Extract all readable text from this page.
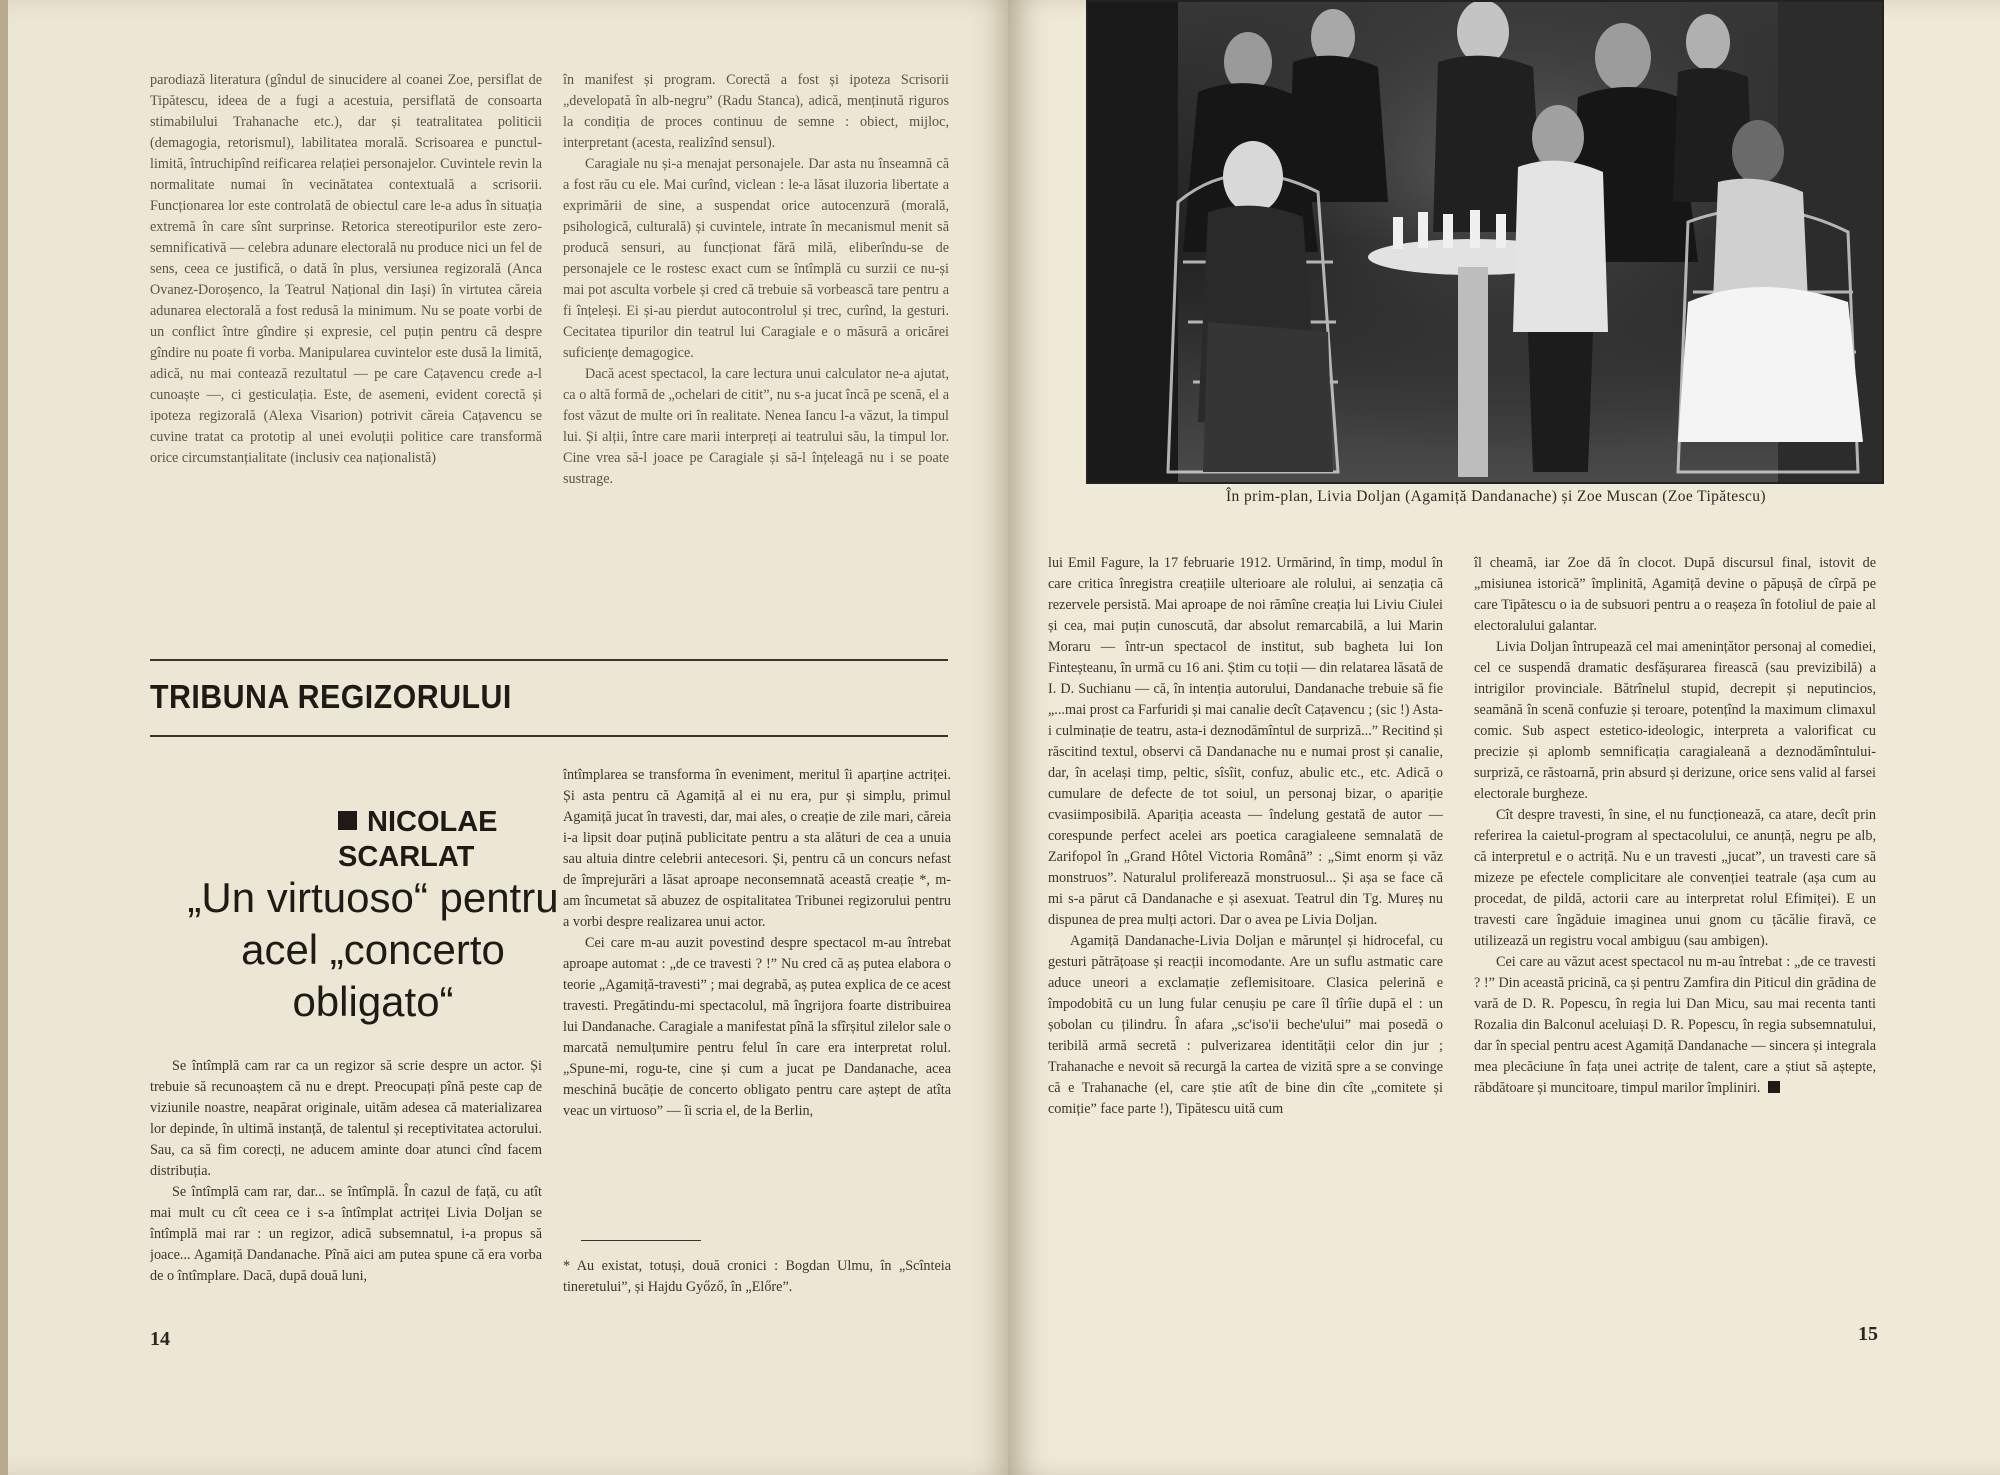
parodiază literatura (gîndul de sinucidere al coanei Zoe, persiflat de Tipătescu, ideea de a fugi a acestuia, persiflată de consoarta stimabilului Trahanache etc.), dar și teatralitatea politicii (demagogia, retorismul), labilitatea morală. Scrisoarea e punctul-limită, întruchipînd reificarea relației personajelor. Cuvintele revin la normalitate numai în vecinătatea contextuală a scrisorii. Funcționarea lor este controlată de obiectul care le-a adus în situația extremă în care sînt surprinse. Retorica stereotipurilor este zero-semnificativă — celebra adunare electorală nu produce nici un fel de sens, ceea ce justifică, o dată în plus, versiunea regizorală (Anca Ovanez-Doroșenco, la Teatrul Național din Iași) în virtutea căreia adunarea electorală a fost redusă la minimum. Nu se poate vorbi de un conflict între gîndire și expresie, cel puțin pentru că despre gîndire nu poate fi vorba. Manipularea cuvintelor este dusă la limită, adică, nu mai contează rezultatul — pe care Cațavencu crede a-l cunoaște —, ci gesticulația. Este, de asemeni, evident corectă și ipoteza regizorală (Alexa Visarion) potrivit căreia Cațavencu se cuvine tratat ca prototip al unei evoluții politice care transformă orice circumstanțialitate (inclusiv cea naționalistă)

în manifest și program. Corectă a fost și ipoteza Scrisorii „developată în alb-negru” (Radu Stanca), adică, menținută riguros la condiția de proces continuu de semne : obiect, mijloc, interpretant (acesta, realizînd sensul).

Caragiale nu și-a menajat personajele. Dar asta nu înseamnă că a fost rău cu ele. Mai curînd, viclean : le-a lăsat iluzoria libertate a exprimării de sine, a suspendat orice autocenzură (morală, psihologică, culturală) și cuvintele, intrate în mecanismul menit să producă sensuri, au funcționat fără milă, eliberîndu-se de personajele ce le rostesc exact cum se întîmplă cu surzii ce nu-și mai pot asculta vorbele și cred că trebuie să vorbească tare pentru a fi înțeleși. Ei și-au pierdut autocontrolul și trec, curînd, la gesturi. Cecitatea tipurilor din teatrul lui Caragiale e o măsură a oricărei suficiențe demagogice.

Dacă acest spectacol, la care lectura unui calculator ne-a ajutat, ca o altă formă de „ochelari de citit”, nu s-a jucat încă pe scenă, el a fost văzut de multe ori în realitate. Nenea Iancu l-a văzut, la timpul lui. Și alții, între care marii interpreți ai teatrului său, la timpul lor. Cine vrea să-l joace pe Caragiale și să-l înțeleagă nu i se poate sustrage.

TRIBUNA REGIZORULUI
NICOLAE SCARLAT
„Un virtuoso“ pentru acel „concerto obligato“

Se întîmplă cam rar ca un regizor să scrie despre un actor. Și trebuie să recunoaștem că nu e drept. Preocupați pînă peste cap de viziunile noastre, neapărat originale, uităm adesea că materializarea lor depinde, în ultimă instanță, de talentul și receptivitatea actorului. Sau, ca să fim corecți, ne aducem aminte doar atunci cînd facem distribuția.

Se întîmplă cam rar, dar... se întîmplă. În cazul de față, cu atît mai mult cu cît ceea ce i s-a întîmplat actriței Livia Doljan se întîmplă mai rar : un regizor, adică subsemnatul, i-a propus să joace... Agamiță Dandanache. Pînă aici am putea spune că era vorba de o întîmplare. Dacă, după două luni,

întîmplarea se transforma în eveniment, meritul îi aparține actriței. Și asta pentru că Agamiță al ei nu era, pur și simplu, primul Agamiță jucat în travesti, dar, mai ales, o creație de zile mari, căreia i-a lipsit doar puțină publicitate pentru a sta alături de cea a unuia sau altuia dintre celebrii antecesori. Și, pentru că un concurs nefast de împrejurări a lăsat aproape neconsemnată această creație *, m-am încumetat să abuzez de ospitalitatea Tribunei regizorului pentru a vorbi despre realizarea unui actor.

Cei care m-au auzit povestind despre spectacol m-au întrebat aproape automat : „de ce travesti ? !” Nu cred că aș putea elabora o teorie „Agamiță-travesti” ; mai degrabă, aș putea explica de ce acest travesti. Pregătindu-mi spectacolul, mă îngrijora foarte distribuirea lui Dandanache. Caragiale a manifestat pînă la sfîrșitul zilelor sale o marcată nemulțumire pentru felul în care era interpretat rolul. „Spune-mi, rogu-te, cine și cum a jucat pe Dandanache, acea meschină bucăție de concerto obligato pentru care aștept de atîta veac un virtuoso” — îi scria el, de la Berlin,

* Au existat, totuși, două cronici : Bogdan Ulmu, în „Scînteia tineretului”, și Hajdu Győző, în „Előre”.
14
În prim-plan, Livia Doljan (Agamiță Dandanache) și Zoe Muscan (Zoe Tipătescu)

lui Emil Fagure, la 17 februarie 1912. Urmărind, în timp, modul în care critica înregistra creațiile ulterioare ale rolului, ai senzația că rezervele persistă. Mai aproape de noi rămîne creația lui Liviu Ciulei și cea, mai puțin cunoscută, dar absolut remarcabilă, a lui Marin Moraru — într-un spectacol de institut, sub bagheta lui Ion Finteșteanu, în urmă cu 16 ani. Știm cu toții — din relatarea lăsată de I. D. Suchianu — că, în intenția autorului, Dandanache trebuie să fie „...mai prost ca Farfuridi și mai canalie decît Cațavencu ; (sic !) Asta-i culminație de teatru, asta-i deznodămîntul de surpriză...” Recitind și răscitind textul, observi că Dandanache nu e numai prost și canalie, dar, în același timp, peltic, sîsîit, confuz, abulic etc., etc. Adică o cumulare de defecte de tot soiul, un personaj bizar, o apariție cvasiimposibilă. Apariția aceasta — îndelung gestată de autor — corespunde perfect acelei ars poetica caragialeene semnalată de Zarifopol în „Grand Hôtel Victoria Română” : „Simt enorm și văz monstruos”. Naturalul proliferează monstruosul... Și așa se face că mi s-a părut că Dandanache e și asexuat. Teatrul din Tg. Mureș nu dispunea de prea mulți actori. Dar o avea pe Livia Doljan.

Agamiță Dandanache-Livia Doljan e mărunțel și hidrocefal, cu gesturi pătrățoase și reacții incomodante. Are un suflu astmatic care aduce uneori a exclamație zeflemisitoare. Clasica pelerină e împodobită cu un lung fular cenușiu pe care îl tîrîie după el : un șobolan cu țilindru. În afara „sc'iso'ii beche'ului” mai posedă o teribilă armă secretă : pulverizarea identității celor din jur ; Trahanache e nevoit să recurgă la cartea de vizită spre a se convinge că e Trahanache (el, care știe atît de bine din cîte „comitete și comiție” face parte !), Tipătescu uită cum

îl cheamă, iar Zoe dă în clocot. După discursul final, istovit de „misiunea istorică” împlinită, Agamiță devine o păpușă de cîrpă pe care Tipătescu o ia de subsuori pentru a o reașeza în fotoliul de paie al electoralului galantar.

Livia Doljan întrupează cel mai amenințător personaj al comediei, cel ce suspendă dramatic desfășurarea firească (sau previzibilă) a intrigilor provinciale. Bătrînelul stupid, decrepit și neputincios, seamănă în scenă confuzie și teroare, potențînd la maximum climaxul comic. Sub aspect estetico-ideologic, interpreta a valorificat cu precizie și aplomb semnificația caragialeană a deznodămîntului-surpriză, ce răstoarnă, prin absurd și derizune, orice sens valid al farsei electorale burgheze.

Cît despre travesti, în sine, el nu funcționează, ca atare, decît prin referirea la caietul-program al spectacolului, ce anunță, negru pe alb, că interpretul e o actriță. Nu e un travesti „jucat”, un travesti care să mizeze pe efectele complicitare ale convenției teatrale (așa cum au procedat, de pildă, actorii care au interpretat rolul Efimiței). E un travesti care îngăduie imaginea unui gnom cu țăcălie firavă, ce utilizează un registru vocal ambiguu (sau ambigen).

Cei care au văzut acest spectacol nu m-au întrebat : „de ce travesti ? !” Din această pricină, ca și pentru Zamfira din Piticul din grădina de vară de D. R. Popescu, în regia lui Dan Micu, sau mai recenta tanti Rozalia din Balconul aceluiași D. R. Popescu, în regia subsemnatului, dar în special pentru acest Agamiță Dandanache — sincera și integrala mea plecăciune în fața unei actrițe de talent, care a știut să aștepte, răbdătoare și muncitoare, timpul marilor împliniri.

15
